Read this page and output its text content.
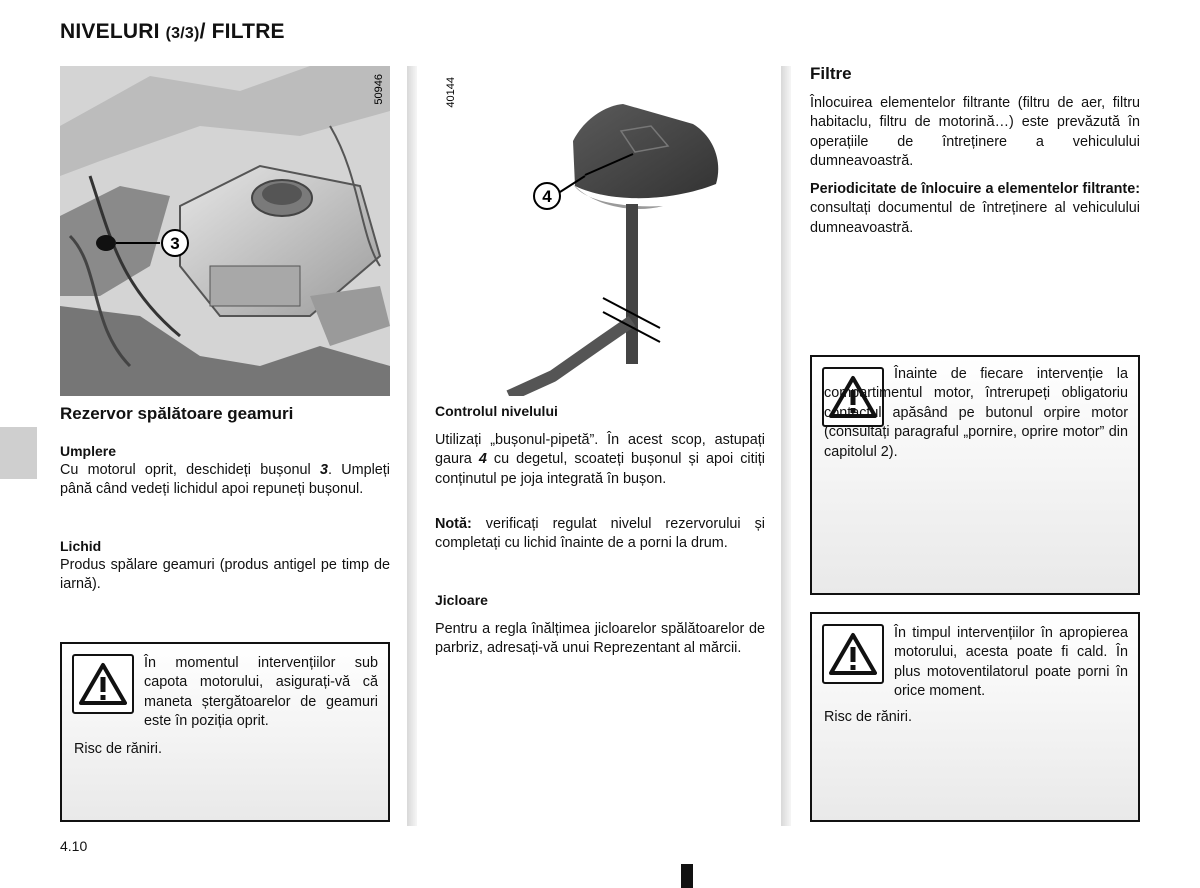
NIVELURI (3/3)/ FILTRE
3
50946	40144
4
Rezervor spălătoare geamuri
Umplere
Cu motorul oprit, deschideți bușonul 3. Umpleți până când vedeți lichidul apoi repuneți bușonul.
Lichid
Produs spălare geamuri (produs antigel pe timp de iarnă).
În momentul intervențiilor sub capota motorului, asigurați-vă că maneta ștergătoarelor de geamuri este în poziția oprit.
Risc de răniri.
Controlul nivelului
Utilizați „bușonul-pipetă”. În acest scop, astupați gaura 4 cu degetul, scoateți bușonul și apoi citiți conținutul pe joja integrată în bușon.
Notă: verificați regulat nivelul rezervorului și completați cu lichid înainte de a porni la drum.
Jicloare
Pentru a regla înălțimea jicloarelor spălătoarelor de parbriz, adresați-vă unui Reprezentant al mărcii.
Filtre
Înlocuirea elementelor filtrante (filtru de aer, filtru habitaclu, filtru de motorină…) este prevăzută în operațiile de întreținere a vehiculului dumneavoastră.
Periodicitate de înlocuire a elementelor filtrante: consultați documentul de întreținere al vehiculului dumneavoastră.
Înainte de fiecare intervenție la compartimentul motor, întrerupeți obligatoriu contactul apăsând pe butonul orpire motor (consultați paragraful „pornire, oprire motor” din capitolul 2).
În timpul intervențiilor în apropierea motorului, acesta poate fi cald. În plus motoventilatorul poate porni în orice moment.
Risc de răniri.
4.10
